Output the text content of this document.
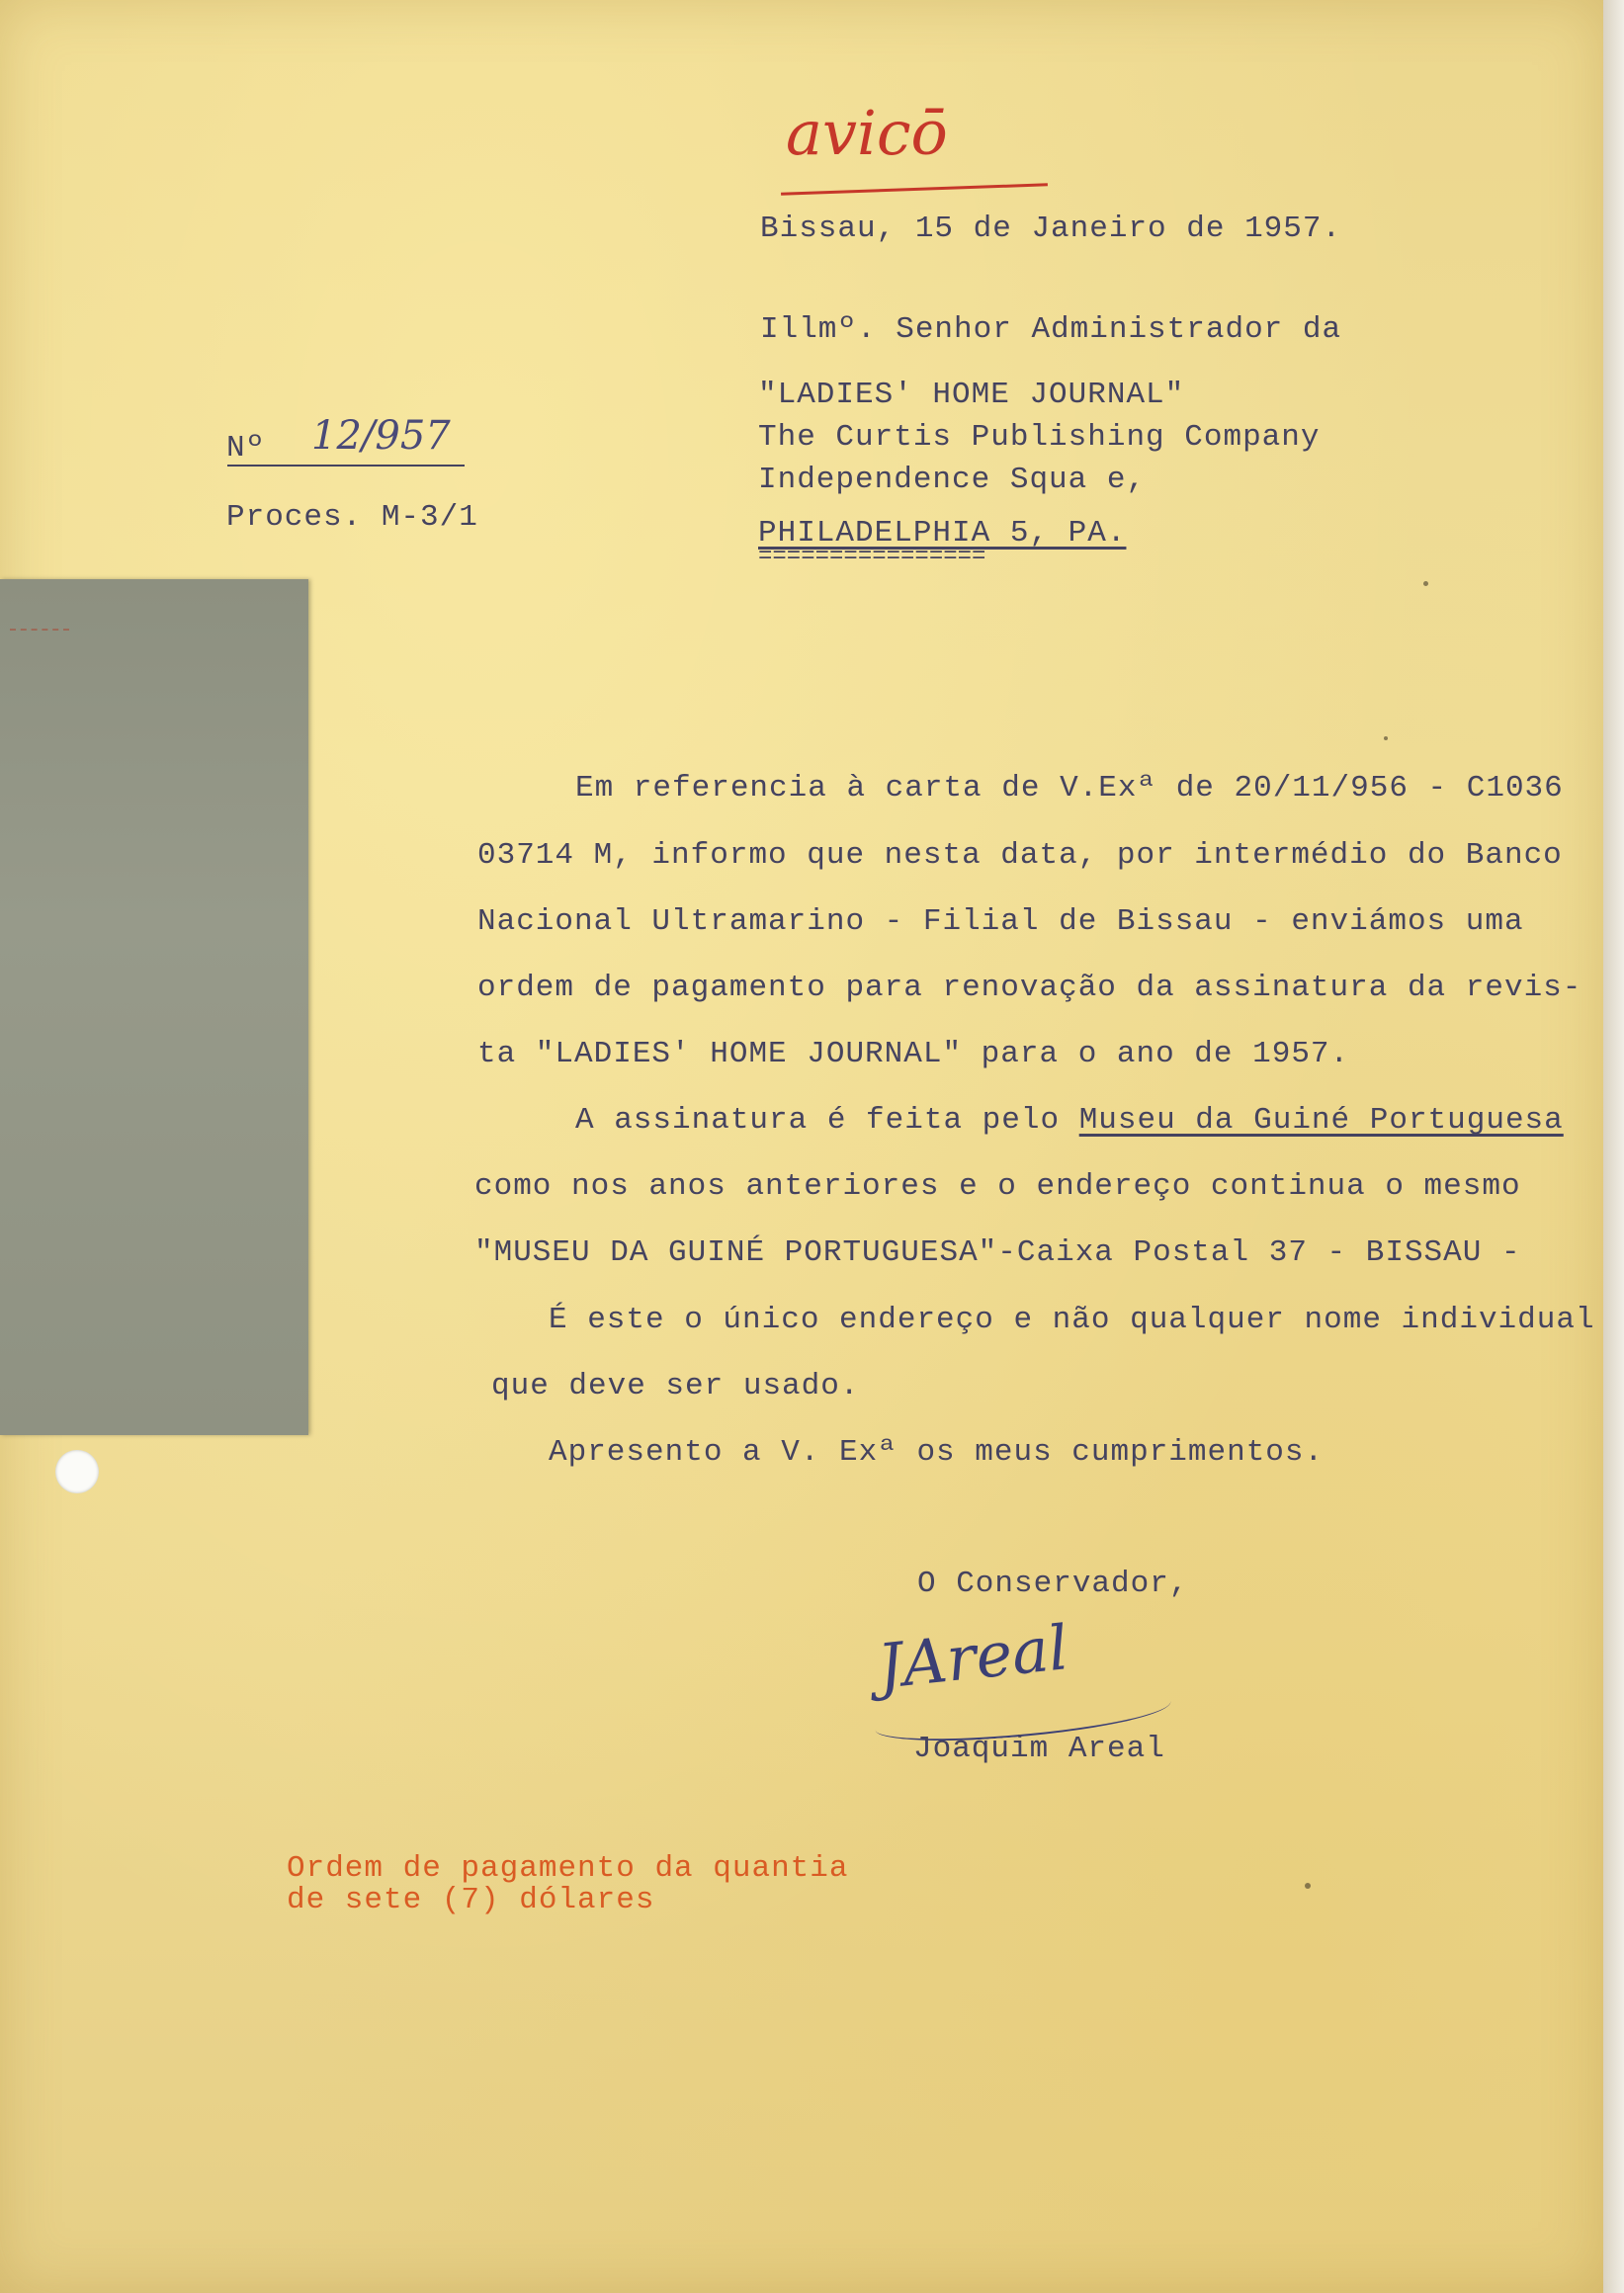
avicō
Bissau, 15 de Janeiro de 1957.
Illmº. Senhor Administrador da
"LADIES' HOME JOURNAL"
The Curtis Publishing Company
Independence Squa e,
PHILADELPHIA 5, PA.
================
Nº 12/957
Proces. M-3/1
Em referencia à carta de V.Exª de 20/11/956 - C1036
03714 M, informo que nesta data, por intermédio do Banco
Nacional Ultramarino - Filial de Bissau - enviámos uma
ordem de pagamento para renovação da assinatura da revis-
ta "LADIES' HOME JOURNAL" para o ano de 1957.
A assinatura é feita pelo Museu da Guiné Portuguesa
como nos anos anteriores e o endereço continua o mesmo
"MUSEU DA GUINÉ PORTUGUESA"-Caixa Postal 37 - BISSAU -
É este o único endereço e não qualquer nome individual
que deve ser usado.
Apresento a V. Exª os meus cumprimentos.
O Conservador,
JAreal
Joaquim Areal
Ordem de pagamento da quantia
de sete (7) dólares
